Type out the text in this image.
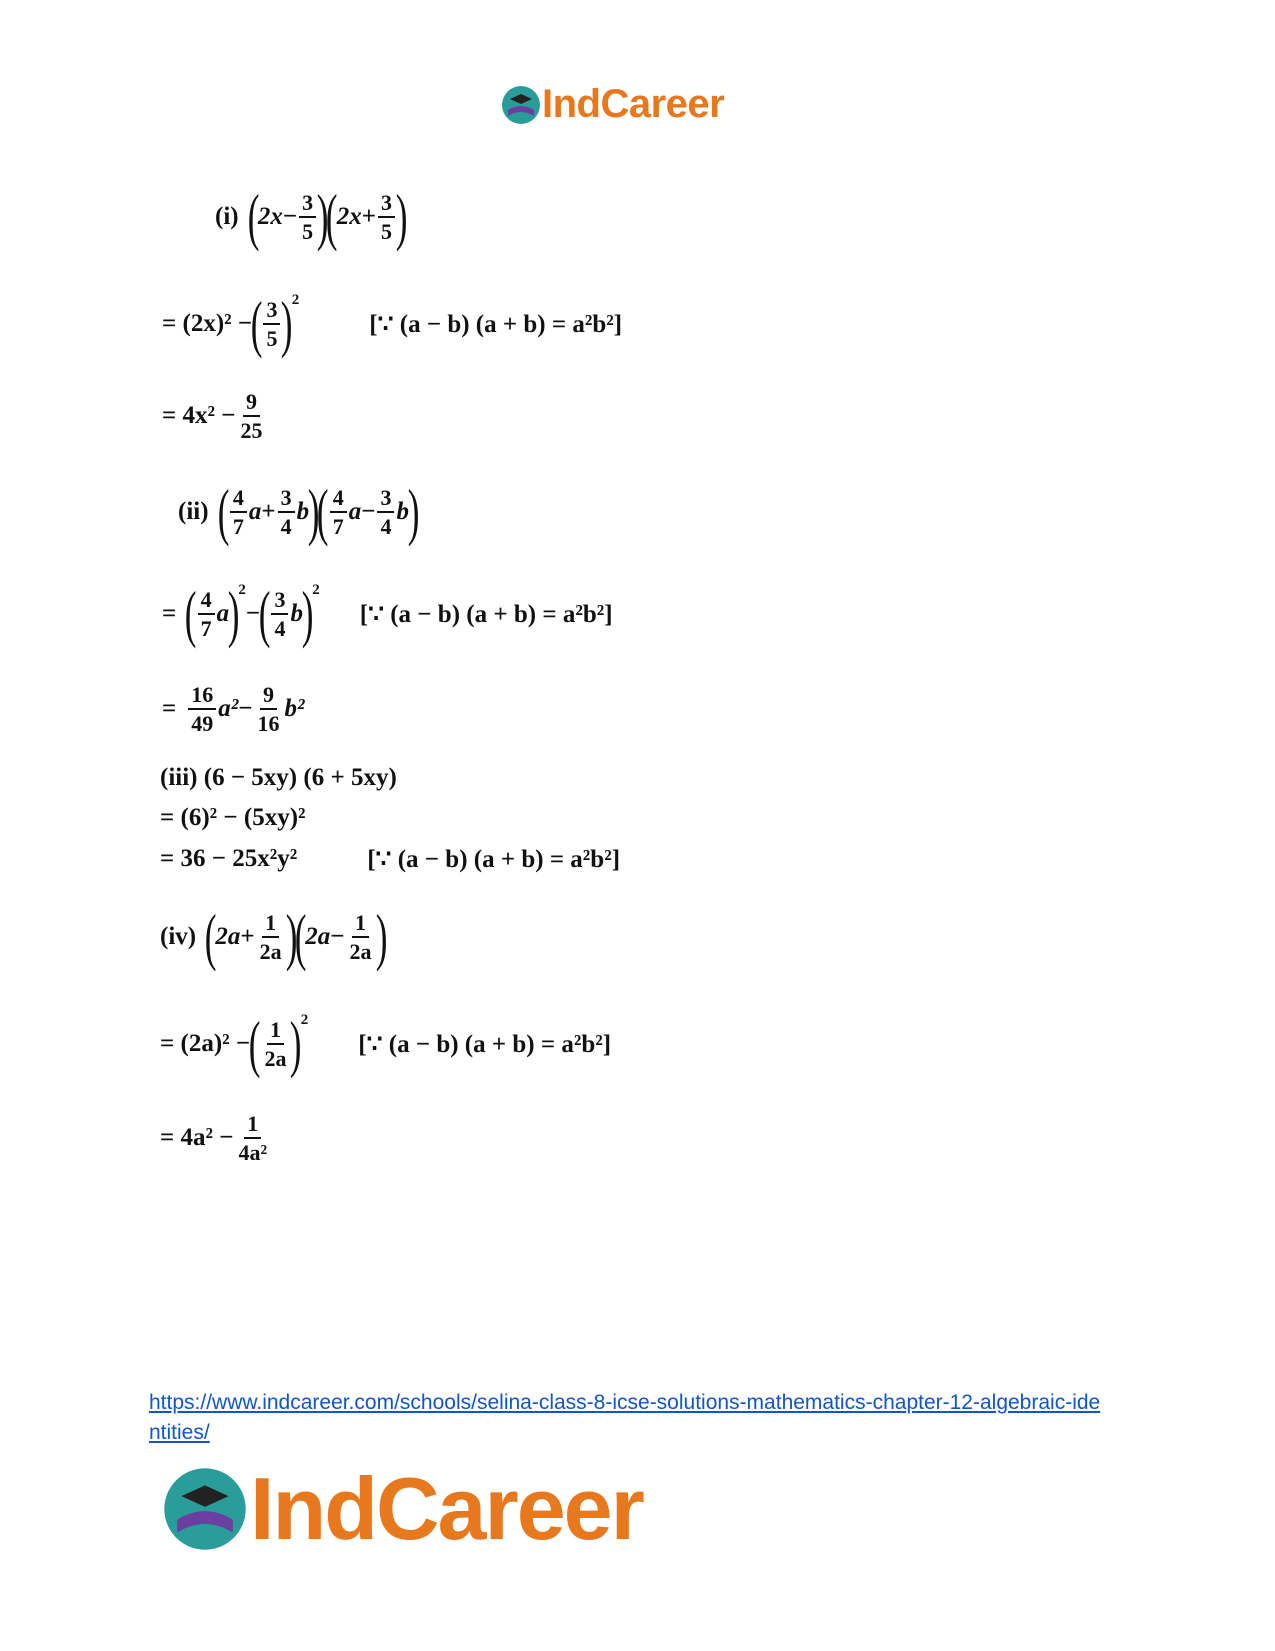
IndCareer
(i) (
$2x - \frac{3}{5}$ )
(
$2x + \frac{3}{5}$ )
= (2x)² −
( $\frac{3}{5}$ )
2
[∵ (a − b) (a + b) = a²b²]
= $4x^2 - \frac{9}{25}$
(ii) ( $\frac{4}{7}$ $a + \frac{3}{4}$ b
)
( $\frac{4}{7}$ $a - \frac{3}{4}$ b
)
= ( $\frac{4}{7}$ a
)
2
−
( $\frac{3}{4}$ b
)
2
[∵ (a − b) (a + b) = a²b²]
= $\frac{16}{49} a^2 - \frac{9}{16} b^2$
(iii) (6 − 5xy) (6 + 5xy)
= (6)² − (5xy)²
= 36 − 25x²y²	[∵ (a − b) (a + b) = a²b²]
(iv) (
$2a + \frac{1}{2a}$ )
(
$2a - \frac{1}{2a}$ )
= (2a)² −
( $\frac{1}{2a}$ )
2
[∵ (a − b) (a + b) = a²b²]
= $4a^2 - \frac{1}{\text{4a²}}$
https://www.indcareer.com/schools/selina-class-8-icse-solutions-mathematics-chapter-12-algebraic-identities/
IndCareer
